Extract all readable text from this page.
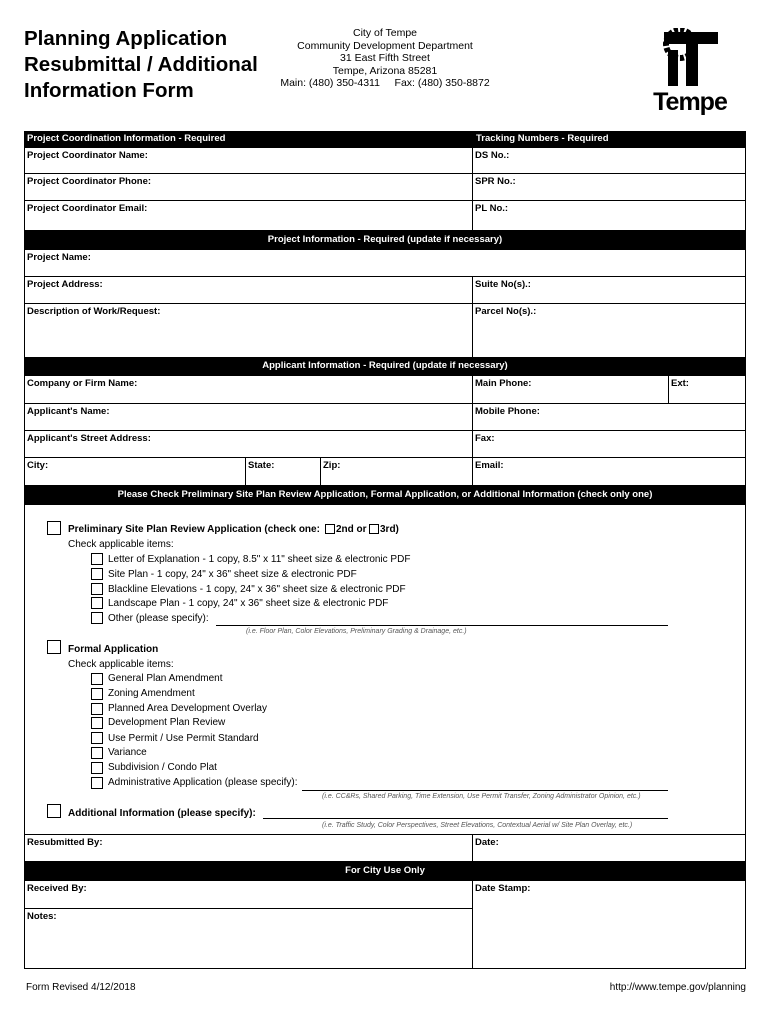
Planning Application
Resubmittal / Additional
Information Form
City of Tempe
Community Development Department
31 East Fifth Street
Tempe, Arizona 85281
Main: (480) 350-4311     Fax: (480) 350-8872
Tempe
Project Coordination Information - Required	Tracking Numbers - Required
Project Coordinator Name:	DS No.:
Project Coordinator Phone:	SPR No.:
Project Coordinator Email:	PL No.:
Project Information - Required (update if necessary)
Project Name:
Project Address:	Suite No(s).:
Description of Work/Request:	Parcel No(s).:
Applicant Information - Required (update if necessary)
Company or Firm Name:	Main Phone:	Ext:
Applicant's Name:	Mobile Phone:
Applicant's Street Address:	Fax:
City:	State:	Zip:	Email:
Please Check Preliminary Site Plan Review Application, Formal Application, or Additional Information (check only one)
Preliminary Site Plan Review Application (check one: 2nd or 3rd)
Check applicable items:
Letter of Explanation - 1 copy, 8.5" x 11" sheet size & electronic PDF
Site Plan - 1 copy, 24" x 36" sheet size & electronic PDF
Blackline Elevations - 1 copy, 24" x 36" sheet size & electronic PDF
Landscape Plan - 1 copy, 24" x 36" sheet size & electronic PDF
Other (please specify):
(i.e. Floor Plan, Color Elevations, Preliminary Grading & Drainage, etc.)
Formal Application
Check applicable items:
General Plan Amendment
Zoning Amendment
Planned Area Development Overlay
Development Plan Review
Use Permit / Use Permit Standard
Variance
Subdivision / Condo Plat
Administrative Application (please specify):
(i.e. CC&Rs, Shared Parking, Time Extension, Use Permit Transfer, Zoning Administrator Opinion, etc.)
Additional Information (please specify):
(i.e. Traffic Study, Color Perspectives, Street Elevations, Contextual Aerial w/ Site Plan Overlay, etc.)
Resubmitted By:	Date:
For City Use Only
Received By:	Date Stamp:
Notes:
Form Revised 4/12/2018	http://www.tempe.gov/planning
